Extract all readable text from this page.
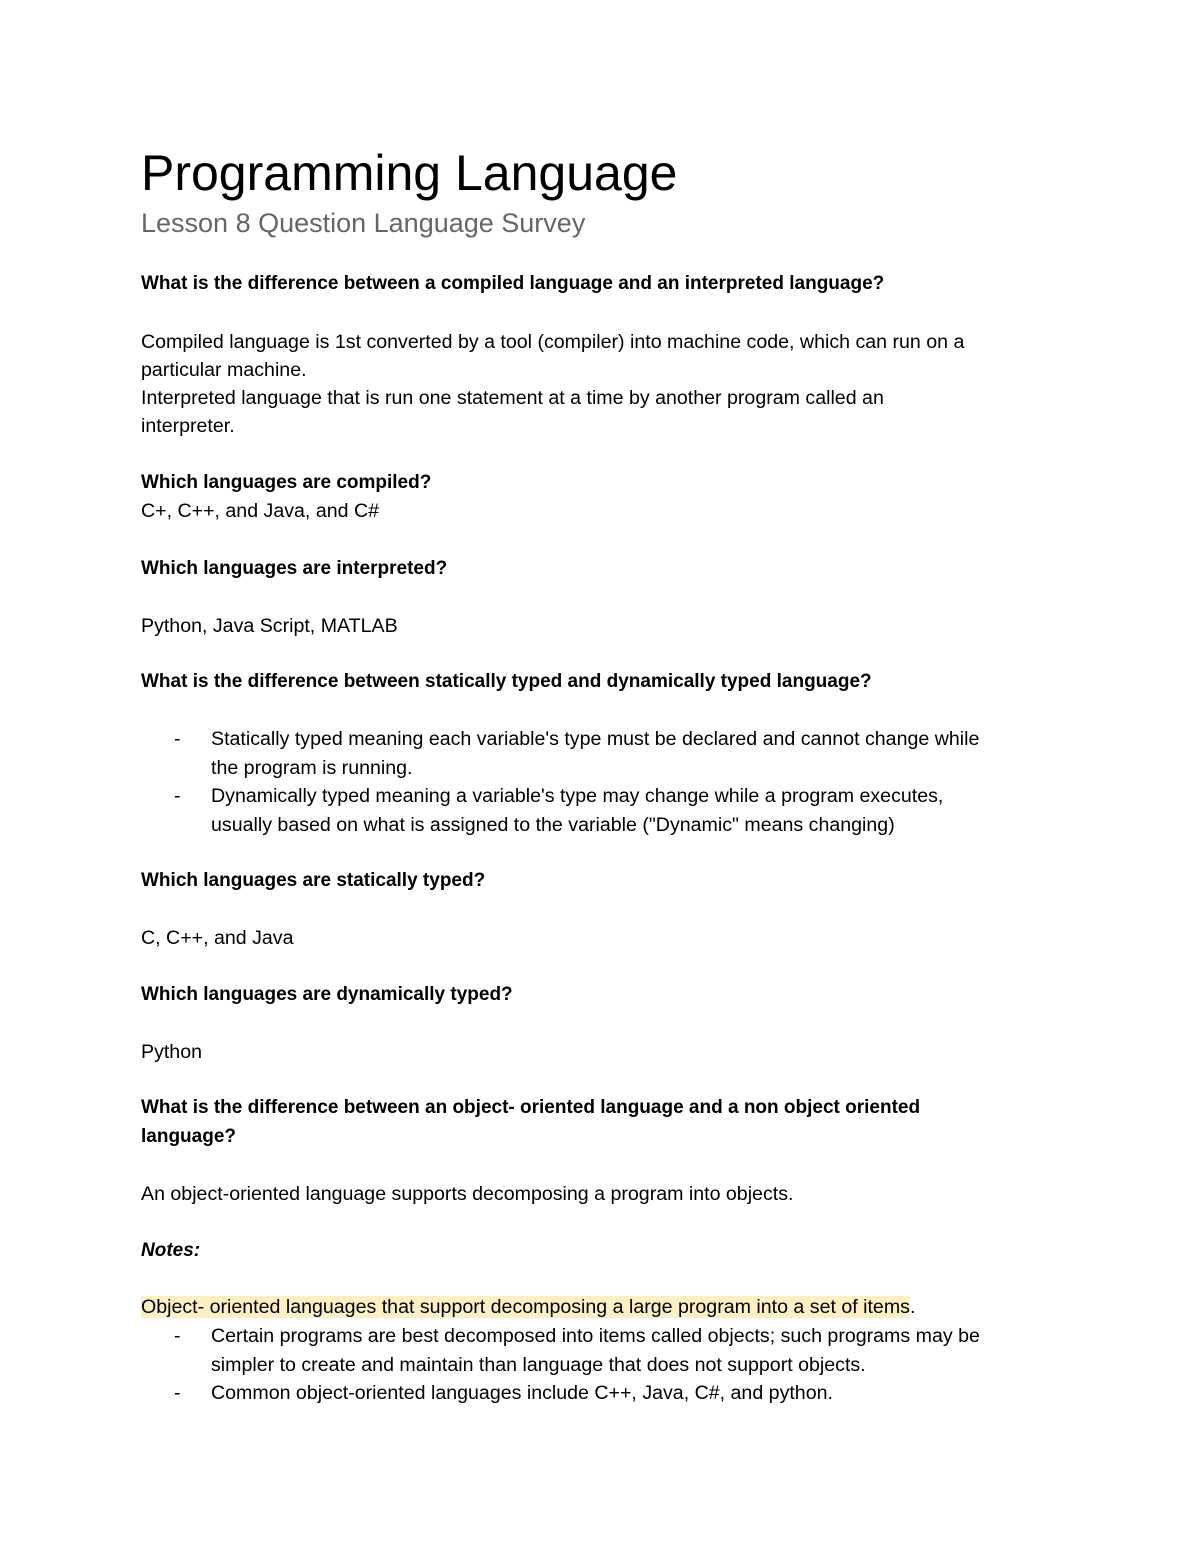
Programming Language
Lesson 8 Question Language Survey
What is the difference between a compiled language and an interpreted language?
Compiled language is 1st converted by a tool (compiler) into machine code, which can run on a
particular machine.
Interpreted language that is run one statement at a time by another program called an
interpreter.
Which languages are compiled?
C+, C++, and Java, and C#
Which languages are interpreted?
Python, Java Script, MATLAB
What is the difference between statically typed and dynamically typed language?
- Statically typed meaning each variable's type must be declared and cannot change while
the program is running.
- Dynamically typed meaning a variable's type may change while a program executes,
usually based on what is assigned to the variable ("Dynamic" means changing)
Which languages are statically typed?
C, C++, and Java
Which languages are dynamically typed?
Python
What is the difference between an object- oriented language and a non object oriented
language?
An object-oriented language supports decomposing a program into objects.
Notes:
Object- oriented languages that support decomposing a large program into a set of items.
- Certain programs are best decomposed into items called objects; such programs may be
simpler to create and maintain than language that does not support objects.
- Common object-oriented languages include C++, Java, C#, and python.
